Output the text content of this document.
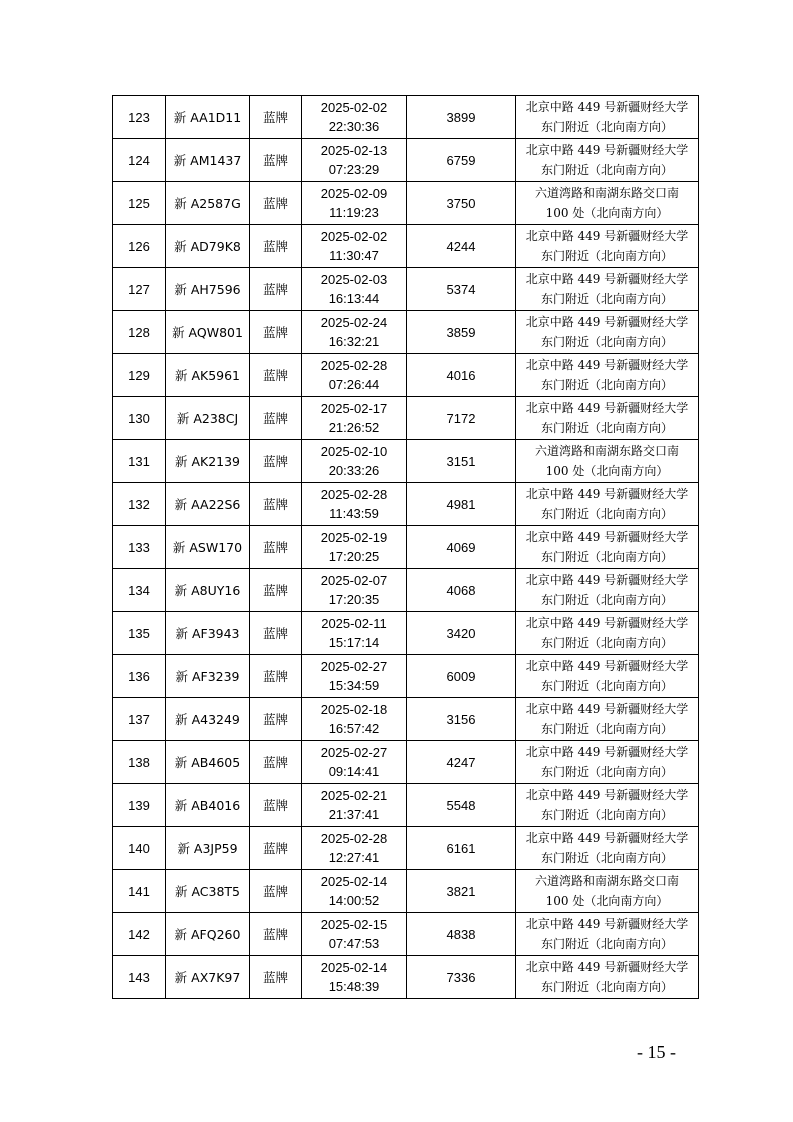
123	新 AA1D11	蓝牌	2025-02-02
22:30:36	3899	北京中路 449 号新疆财经大学
东门附近（北向南方向）

124	新 AM1437	蓝牌	2025-02-13
07:23:29	6759	北京中路 449 号新疆财经大学
东门附近（北向南方向）

125	新 A2587G	蓝牌	2025-02-09
11:19:23	3750	六道湾路和南湖东路交口南
100 处（北向南方向）

126	新 AD79K8	蓝牌	2025-02-02
11:30:47	4244	北京中路 449 号新疆财经大学
东门附近（北向南方向）

127	新 AH7596	蓝牌	2025-02-03
16:13:44	5374	北京中路 449 号新疆财经大学
东门附近（北向南方向）

128	新 AQW801	蓝牌	2025-02-24
16:32:21	3859	北京中路 449 号新疆财经大学
东门附近（北向南方向）

129	新 AK5961	蓝牌	2025-02-28
07:26:44	4016	北京中路 449 号新疆财经大学
东门附近（北向南方向）

130	新 A238CJ	蓝牌	2025-02-17
21:26:52	7172	北京中路 449 号新疆财经大学
东门附近（北向南方向）

131	新 AK2139	蓝牌	2025-02-10
20:33:26	3151	六道湾路和南湖东路交口南
100 处（北向南方向）

132	新 AA22S6	蓝牌	2025-02-28
11:43:59	4981	北京中路 449 号新疆财经大学
东门附近（北向南方向）

133	新 ASW170	蓝牌	2025-02-19
17:20:25	4069	北京中路 449 号新疆财经大学
东门附近（北向南方向）

134	新 A8UY16	蓝牌	2025-02-07
17:20:35	4068	北京中路 449 号新疆财经大学
东门附近（北向南方向）

135	新 AF3943	蓝牌	2025-02-11
15:17:14	3420	北京中路 449 号新疆财经大学
东门附近（北向南方向）

136	新 AF3239	蓝牌	2025-02-27
15:34:59	6009	北京中路 449 号新疆财经大学
东门附近（北向南方向）

137	新 A43249	蓝牌	2025-02-18
16:57:42	3156	北京中路 449 号新疆财经大学
东门附近（北向南方向）

138	新 AB4605	蓝牌	2025-02-27
09:14:41	4247	北京中路 449 号新疆财经大学
东门附近（北向南方向）

139	新 AB4016	蓝牌	2025-02-21
21:37:41	5548	北京中路 449 号新疆财经大学
东门附近（北向南方向）

140	新 A3JP59	蓝牌	2025-02-28
12:27:41	6161	北京中路 449 号新疆财经大学
东门附近（北向南方向）

141	新 AC38T5	蓝牌	2025-02-14
14:00:52	3821	六道湾路和南湖东路交口南
100 处（北向南方向）

142	新 AFQ260	蓝牌	2025-02-15
07:47:53	4838	北京中路 449 号新疆财经大学
东门附近（北向南方向）

143	新 AX7K97	蓝牌	2025-02-14
15:48:39	7336	北京中路 449 号新疆财经大学
东门附近（北向南方向）
- 15 -
